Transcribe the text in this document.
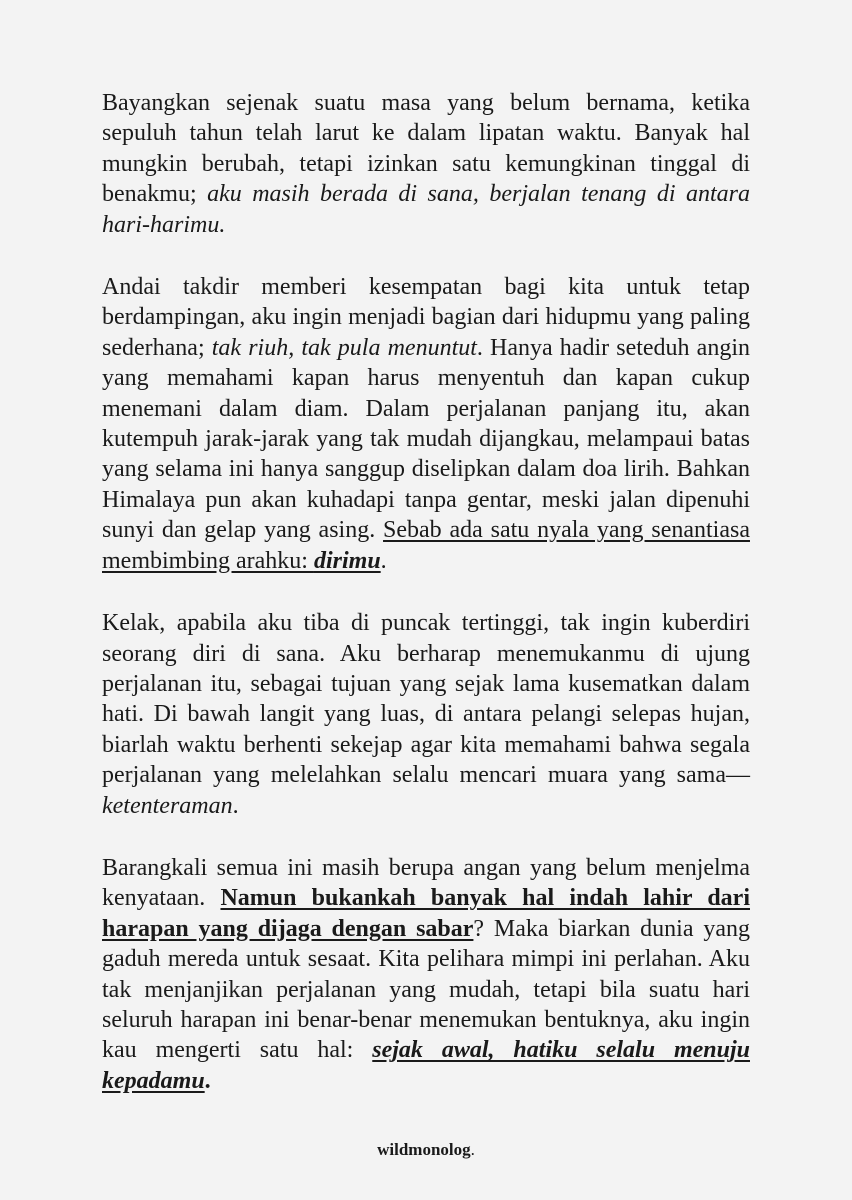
Bayangkan sejenak suatu masa yang belum bernama, ketika sepuluh tahun telah larut ke dalam lipatan waktu. Banyak hal mungkin berubah, tetapi izinkan satu kemungkinan tinggal di benakmu; aku masih berada di sana, berjalan tenang di antara hari-harimu.

Andai takdir memberi kesempatan bagi kita untuk tetap berdampingan, aku ingin menjadi bagian dari hidupmu yang paling sederhana; tak riuh, tak pula menuntut. Hanya hadir seteduh angin yang memahami kapan harus menyentuh dan kapan cukup menemani dalam diam. Dalam perjalanan panjang itu, akan kutempuh jarak-jarak yang tak mudah dijangkau, melampaui batas yang selama ini hanya sanggup diselipkan dalam doa lirih. Bahkan Himalaya pun akan kuhadapi tanpa gentar, meski jalan dipenuhi sunyi dan gelap yang asing. Sebab ada satu nyala yang senantiasa membimbing arahku: dirimu.

Kelak, apabila aku tiba di puncak tertinggi, tak ingin kuberdiri seorang diri di sana. Aku berharap menemukanmu di ujung perjalanan itu, sebagai tujuan yang sejak lama kusematkan dalam hati. Di bawah langit yang luas, di antara pelangi selepas hujan, biarlah waktu berhenti sekejap agar kita memahami bahwa segala perjalanan yang melelahkan selalu mencari muara yang sama—ketenteraman.

Barangkali semua ini masih berupa angan yang belum menjelma kenyataan. Namun bukankah banyak hal indah lahir dari harapan yang dijaga dengan sabar? Maka biarkan dunia yang gaduh mereda untuk sesaat. Kita pelihara mimpi ini perlahan. Aku tak menjanjikan perjalanan yang mudah, tetapi bila suatu hari seluruh harapan ini benar-benar menemukan bentuknya, aku ingin kau mengerti satu hal: sejak awal, hatiku selalu menuju kepadamu.

wildmonolog.
